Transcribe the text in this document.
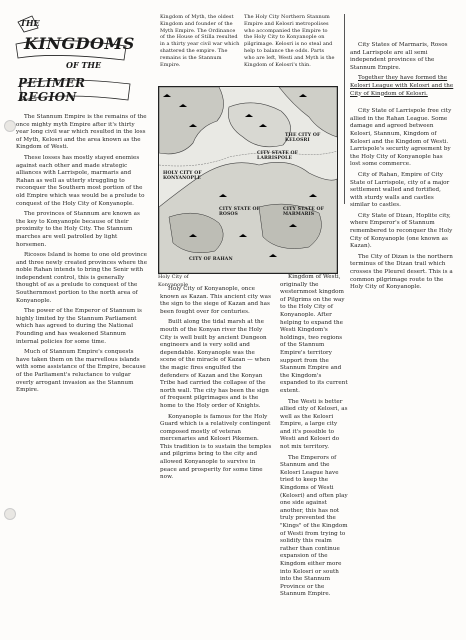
THE
KINGDOMS
OF THE
PELIMER REGION

The Stannum Empire is the remains of the once mighty myth Empire after it's thirty year long civil war which resulted in the loss of Myth, Kelosri and the area known as the Kingdom of Westi.

These losses has mostly stayed enemies against each other and made strategic alliances with Larrispole, marmaris and Rahan as well as utterly struggling to reconquer the Southern most portion of the old Empire which was would be a prelude to conquest of the Holy City of Konyanople.

The provinces of Stannum are known as the key to Konyanople because of their proximity to the Holy City. The Stannum marches are well patrolled by light horsemen.

Ricosos Island is home to one old province and three newly created provinces where the noble Rahan intends to bring the Senir with independent control, this is generally thought of as a prelude to conquest of the Southernmost portion to the north area of Konyanople.

The power of the Emperor of Stannum is highly limited by the Stannum Parliament which has agreed to during the National Founding and has weakened Stannum internal policies for some time.

Much of Stannum Empire's conquests have taken them on the marvellous islands with some assistance of the Empire, because of the Parliament's reluctance to vulgar overly arrogant invasion as the Stannum Empire.

Kingdom of Myth, the oldest Kingdom and founder of the Myth Empire. The Ordinance of the House of Stilla resulted in a thirty year civil war which shattered the empire. The remains is the Stannum Empire.
The Holy City Northern Stannum Empire and Kelosri metropolises who accompanied the Empire to the Holy City to Konyanople on pilgrimage. Kelosri is no steal and help to balance the odds. Parts who are left, Westi and Myth is the Kingdom of Kelosri's thin.
THE CITY OF KELOSRI
CITY STATE OF LARRISPOLE
HOLY CITY OF KONYANOPLE
CITY STATE OF ROSOS
CITY STATE OF MARMARIS
CITY OF RAHAN
Holy City of Konyanople

City States of Marmaris, Rosos and Larrispole are all semi independent provinces of the Stannum Empire.

Together they have formed the Kelosri League with Kelosri and the City of Kingdom of Kelosri.

City State of Larrispole free city allied in the Rahan League. Some damage and agreed between Kelosri, Stannum, Kingdom of Kelosri and the Kingdom of Westi. Larrispole's security agreement by the Holy City of Konyanople has lost some commerce.

City of Rahan, Empire of City State of Larrispole, city of a major settlement walled and fortified, with sturdy walls and castles similar to castles.

City State of Dizan, Hoplite city, where Emperor's of Stannum remembered to reconquer the Holy City of Konyanople (one known as Kazan).

The City of Dizan is the northern terminus of the Dizan trail which crosses the Pleurel desert. This is a common pilgrimage route to the Holy City of Konyanople.

Holy City of Konyanople, once known as Kazan. This ancient city was the sign to the siege of Kazan and has been fought over for centuries.

Built along the tidal marsh at the mouth of the Konyan river the Holy City is well built by ancient Dungeon engineers and is very solid and dependable. Konyanople was the scene of the miracle of Kazan — when the magic fires engulfed the defenders of Kazan and the Konyan Tribe had carried the collapse of the north wall. The city has been the sign of frequent pilgrimages and is the home to the Holy order of Knights.

Konyanople is famous for the Holy Guard which is a relatively contingent composed mostly of veteran mercenaries and Kelosri Pikemen. This tradition is to sustain the temples and pilgrims bring to the city and allowed Konyanople to survive in peace and prosperity for some time now.

Kingdom of Westi, originally the westernmost kingdom of Pilgrims on the way to the Holy City of Konyanople. After helping to expand the Westi Kingdom's holdings, two regions of the Stannum Empire's territory support from the Stannum Empire and the Kingdom's expanded to its current extent.

The Westi is better allied city of Kelosri, as well as the Kelosri Empire, a large city and it's possible to Westi and Kelosri do not mix territory.

The Emperors of Stannum and the Kelosri League have tried to keep the Kingdoms of Westi (Kelosri) and often play one side against another, this has not truly prevented the "Kings" of the Kingdom of Westi from trying to solidify this realm rather than continue expansion of the Kingdom either more into Kelosri or south into the Stannum Province or the Stannum Empire.
